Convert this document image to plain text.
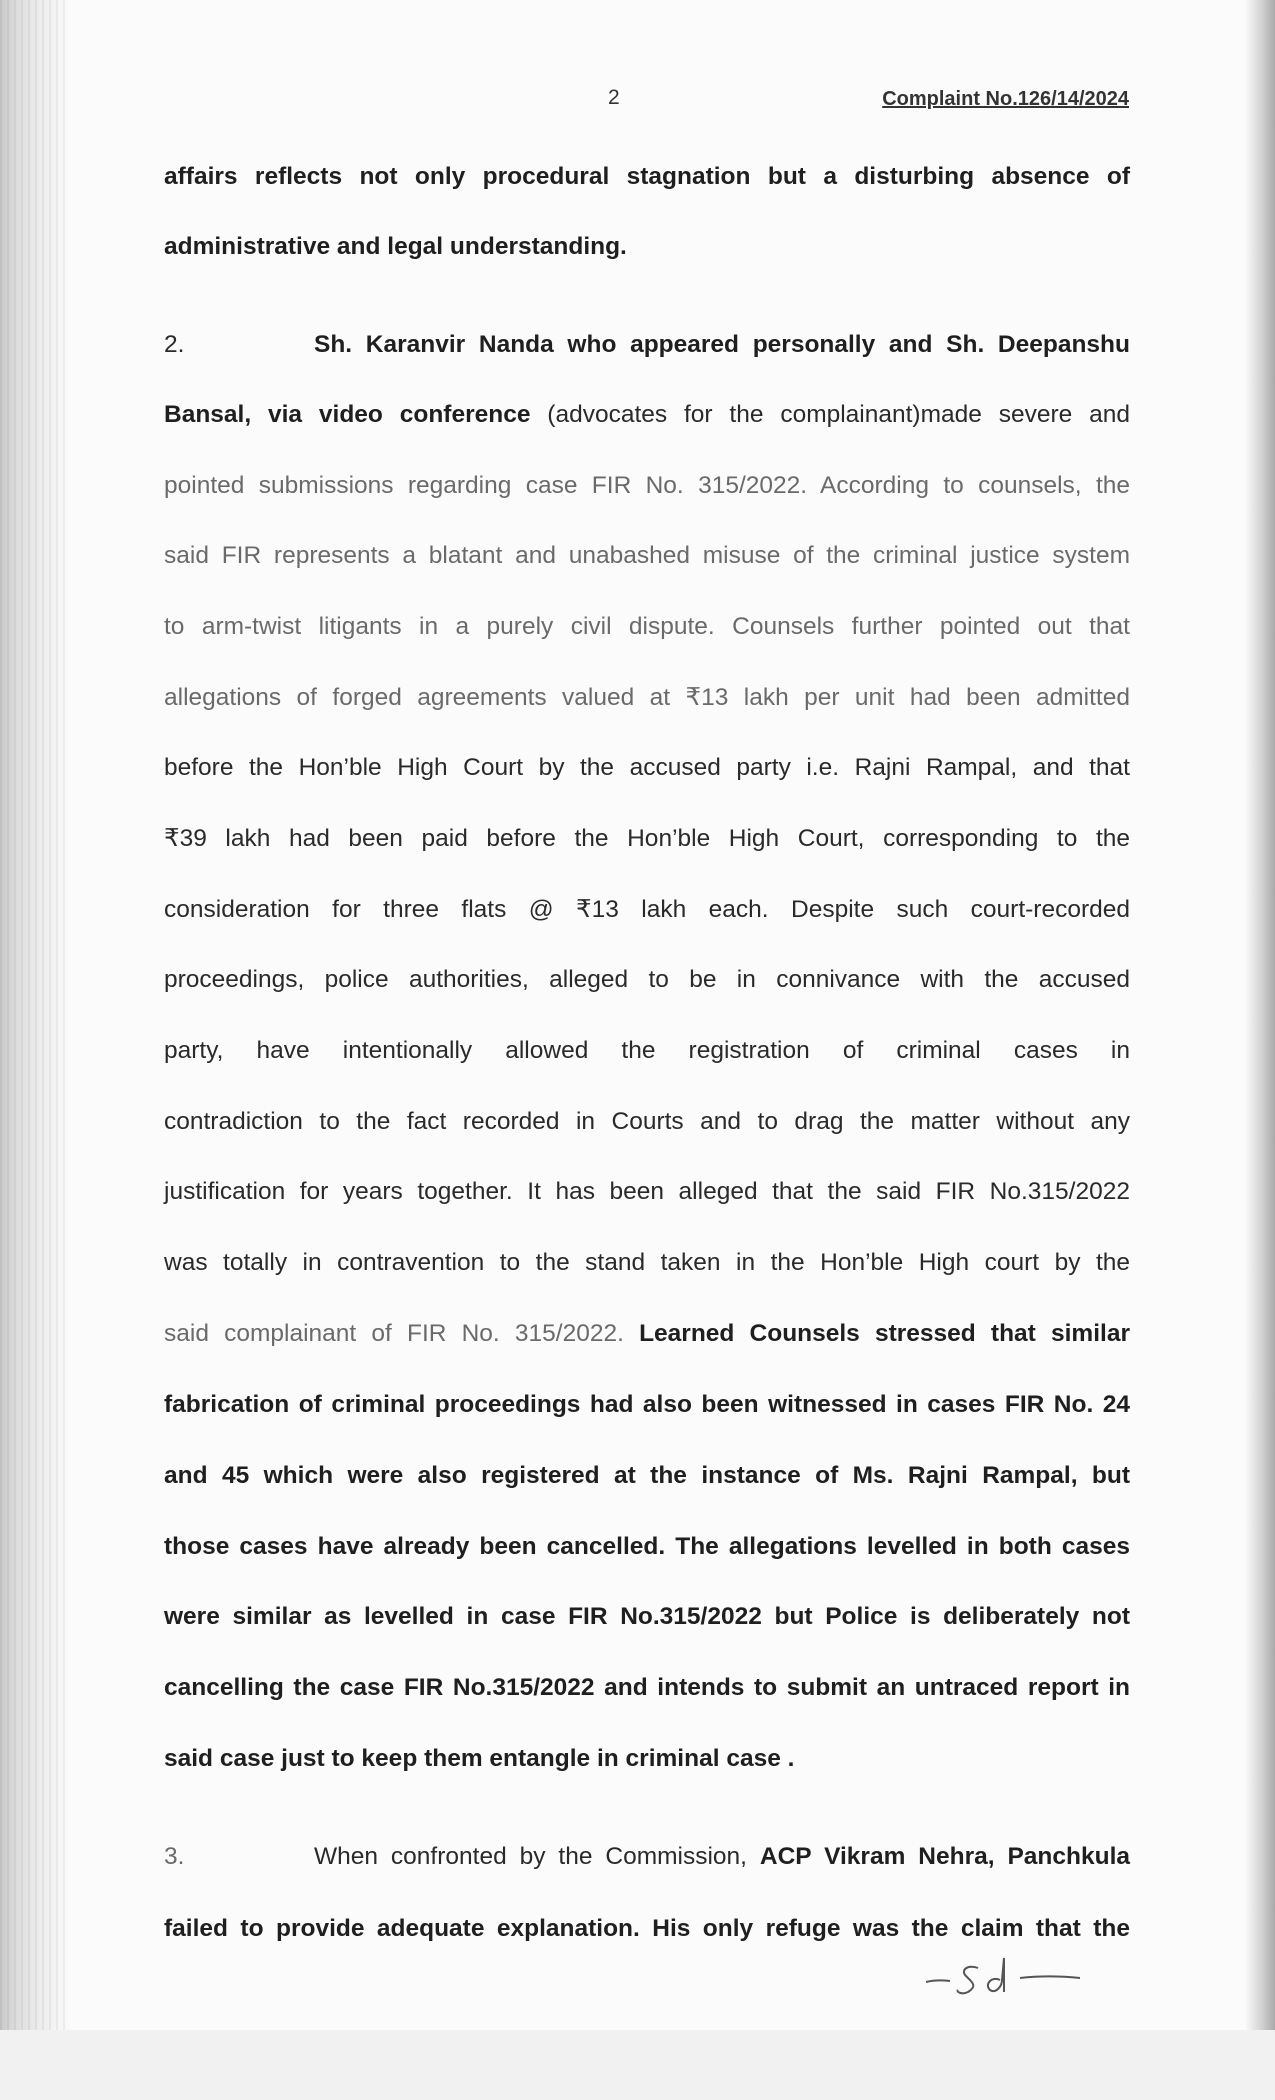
2	Complaint No.126/14/2024
affairs reflects not only procedural stagnation but a disturbing absence of
administrative and legal understanding.
2.	Sh. Karanvir Nanda who appeared personally and Sh. Deepanshu
Bansal, via video conference (advocates for the complainant)made severe and
pointed submissions regarding case FIR No. 315/2022. According to counsels, the
said FIR represents a blatant and unabashed misuse of the criminal justice system
to arm-twist litigants in a purely civil dispute. Counsels further pointed out that
allegations of forged agreements valued at ₹13 lakh per unit had been admitted
before the Hon’ble High Court by the accused party i.e. Rajni Rampal, and that
₹39 lakh had been paid before the Hon’ble High Court, corresponding to the
consideration for three flats @ ₹13 lakh each. Despite such court-recorded
proceedings, police authorities, alleged to be in connivance with the accused
party, have intentionally allowed the registration of criminal cases in
contradiction to the fact recorded in Courts and to drag the matter without any
justification for years together. It has been alleged that the said FIR No.315/2022
was totally in contravention to the stand taken in the Hon’ble High court by the
said complainant of FIR No. 315/2022. Learned Counsels stressed that similar
fabrication of criminal proceedings had also been witnessed in cases FIR No. 24
and 45 which were also registered at the instance of Ms. Rajni Rampal, but
those cases have already been cancelled. The allegations levelled in both cases
were similar as levelled in case FIR No.315/2022 but Police is deliberately not
cancelling the case FIR No.315/2022 and intends to submit an untraced report in
said case just to keep them entangle in criminal case .
3.	When confronted by the Commission, ACP Vikram Nehra, Panchkula
failed to provide adequate explanation. His only refuge was the claim that the
